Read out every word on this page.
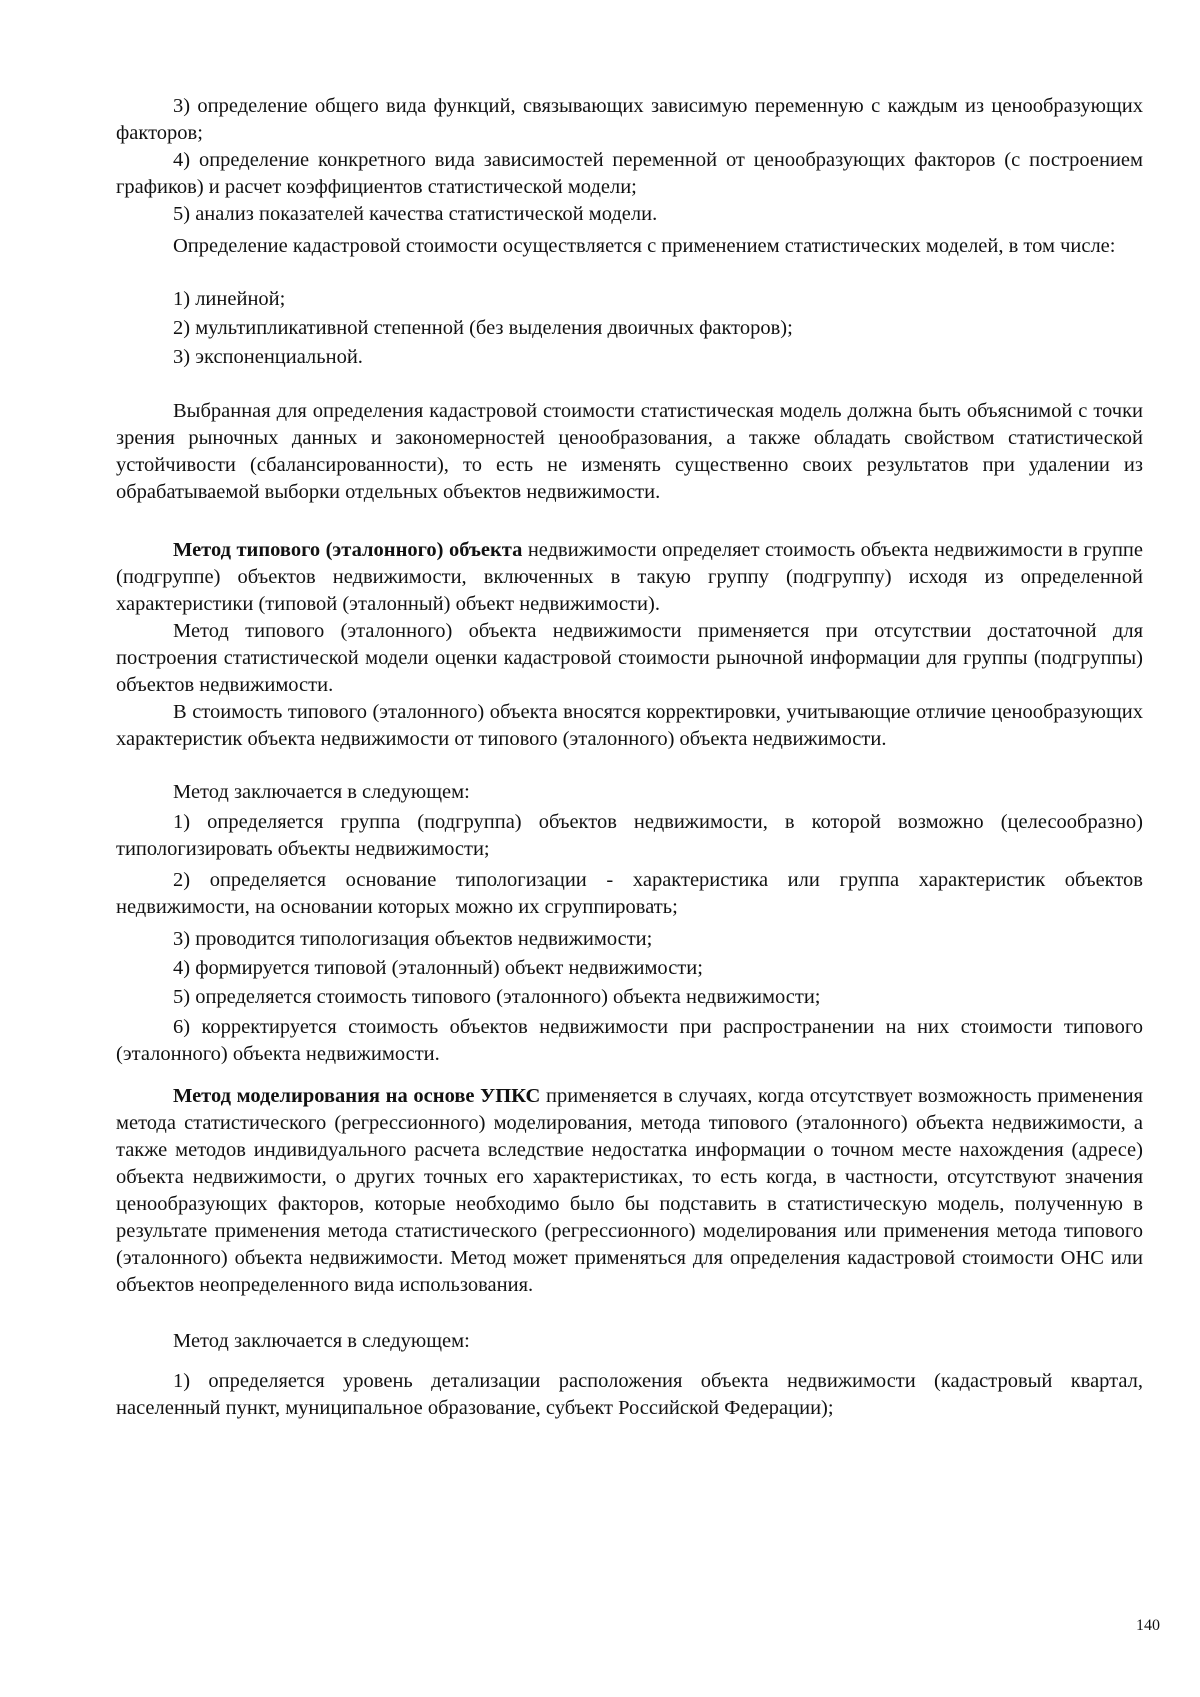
3) определение общего вида функций, связывающих зависимую переменную с каждым из ценообразующих факторов;

4) определение конкретного вида зависимостей переменной от ценообразующих факторов (с построением графиков) и расчет коэффициентов статистической модели;

5) анализ показателей качества статистической модели.

Определение кадастровой стоимости осуществляется с применением статистических моделей, в том числе:

1) линейной;

2) мультипликативной степенной (без выделения двоичных факторов);

3) экспоненциальной.

Выбранная для определения кадастровой стоимости статистическая модель должна быть объяснимой с точки зрения рыночных данных и закономерностей ценообразования, а также обладать свойством статистической устойчивости (сбалансированности), то есть не изменять существенно своих результатов при удалении из обрабатываемой выборки отдельных объектов недвижимости.

Метод типового (эталонного) объекта недвижимости определяет стоимость объекта недвижимости в группе (подгруппе) объектов недвижимости, включенных в такую группу (подгруппу) исходя из определенной характеристики (типовой (эталонный) объект недвижимости).

Метод типового (эталонного) объекта недвижимости применяется при отсутствии достаточной для построения статистической модели оценки кадастровой стоимости рыночной информации для группы (подгруппы) объектов недвижимости.

В стоимость типового (эталонного) объекта вносятся корректировки, учитывающие отличие ценообразующих характеристик объекта недвижимости от типового (эталонного) объекта недвижимости.

Метод заключается в следующем:

1) определяется группа (подгруппа) объектов недвижимости, в которой возможно (целесообразно) типологизировать объекты недвижимости;

2) определяется основание типологизации - характеристика или группа характеристик объектов недвижимости, на основании которых можно их сгруппировать;

3) проводится типологизация объектов недвижимости;

4) формируется типовой (эталонный) объект недвижимости;

5) определяется стоимость типового (эталонного) объекта недвижимости;

6) корректируется стоимость объектов недвижимости при распространении на них стоимости типового (эталонного) объекта недвижимости.

Метод моделирования на основе УПКС применяется в случаях, когда отсутствует возможность применения метода статистического (регрессионного) моделирования, метода типового (эталонного) объекта недвижимости, а также методов индивидуального расчета вследствие недостатка информации о точном месте нахождения (адресе) объекта недвижимости, о других точных его характеристиках, то есть когда, в частности, отсутствуют значения ценообразующих факторов, которые необходимо было бы подставить в статистическую модель, полученную в результате применения метода статистического (регрессионного) моделирования или применения метода типового (эталонного) объекта недвижимости. Метод может применяться для определения кадастровой стоимости ОНС или объектов неопределенного вида использования.

Метод заключается в следующем:

1) определяется уровень детализации расположения объекта недвижимости (кадастровый квартал, населенный пункт, муниципальное образование, субъект Российской Федерации);

140
